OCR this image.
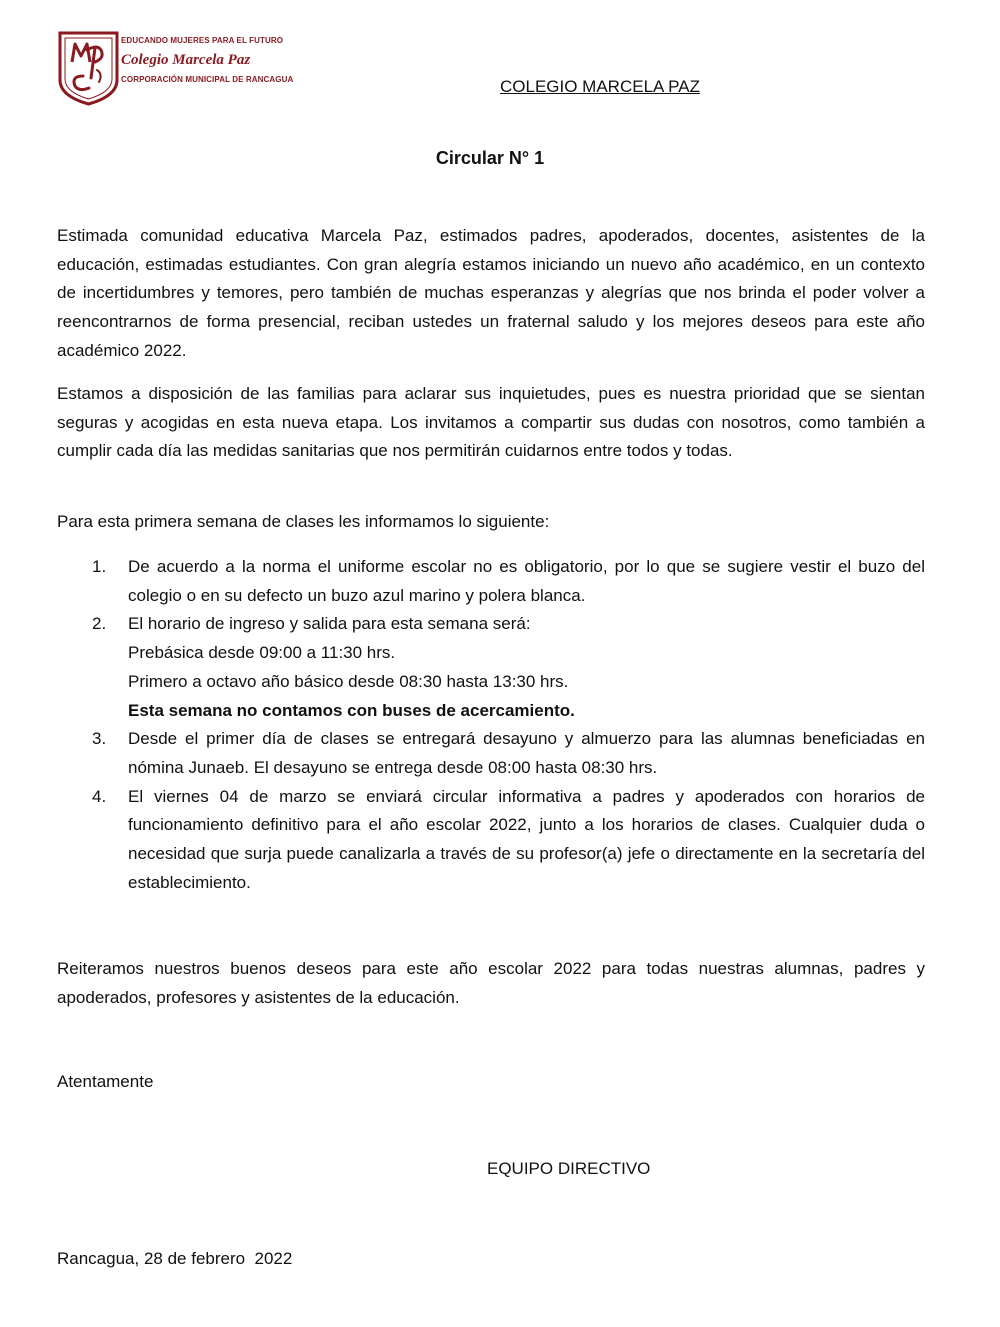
EDUCANDO MUJERES PARA EL FUTURO
Colegio Marcela Paz
CORPORACIÓN MUNICIPAL DE RANCAGUA	COLEGIO MARCELA PAZ
Circular N° 1

Estimada comunidad educativa Marcela Paz, estimados padres, apoderados, docentes, asistentes de la educación, estimadas estudiantes. Con gran alegría estamos iniciando un nuevo año académico, en un contexto de incertidumbres y temores, pero también de muchas esperanzas y alegrías que nos brinda el poder volver a reencontrarnos de forma presencial, reciban ustedes un fraternal saludo y los mejores deseos para este año académico 2022.

Estamos a disposición de las familias para aclarar sus inquietudes, pues es nuestra prioridad que se sientan seguras y acogidas en esta nueva etapa. Los invitamos a compartir sus dudas con nosotros, como también a cumplir cada día las medidas sanitarias que nos permitirán cuidarnos entre todos y todas.

Para esta primera semana de clases les informamos lo siguiente:

1. De acuerdo a la norma el uniforme escolar no es obligatorio, por lo que se sugiere vestir el buzo del colegio o en su defecto un buzo azul marino y polera blanca.
2. El horario de ingreso y salida para esta semana será:
Prebásica desde 09:00 a 11:30 hrs.
Primero a octavo año básico desde 08:30 hasta 13:30 hrs.
Esta semana no contamos con buses de acercamiento.
3. Desde el primer día de clases se entregará desayuno y almuerzo para las alumnas beneficiadas en nómina Junaeb. El desayuno se entrega desde 08:00 hasta 08:30 hrs.
4. El viernes 04 de marzo se enviará circular informativa a padres y apoderados con horarios de funcionamiento definitivo para el año escolar 2022, junto a los horarios de clases. Cualquier duda o necesidad que surja puede canalizarla a través de su profesor(a) jefe o directamente en la secretaría del establecimiento.

Reiteramos nuestros buenos deseos para este año escolar 2022 para todas nuestras alumnas, padres y apoderados, profesores y asistentes de la educación.

Atentamente
EQUIPO DIRECTIVO
Rancagua, 28 de febrero  2022
